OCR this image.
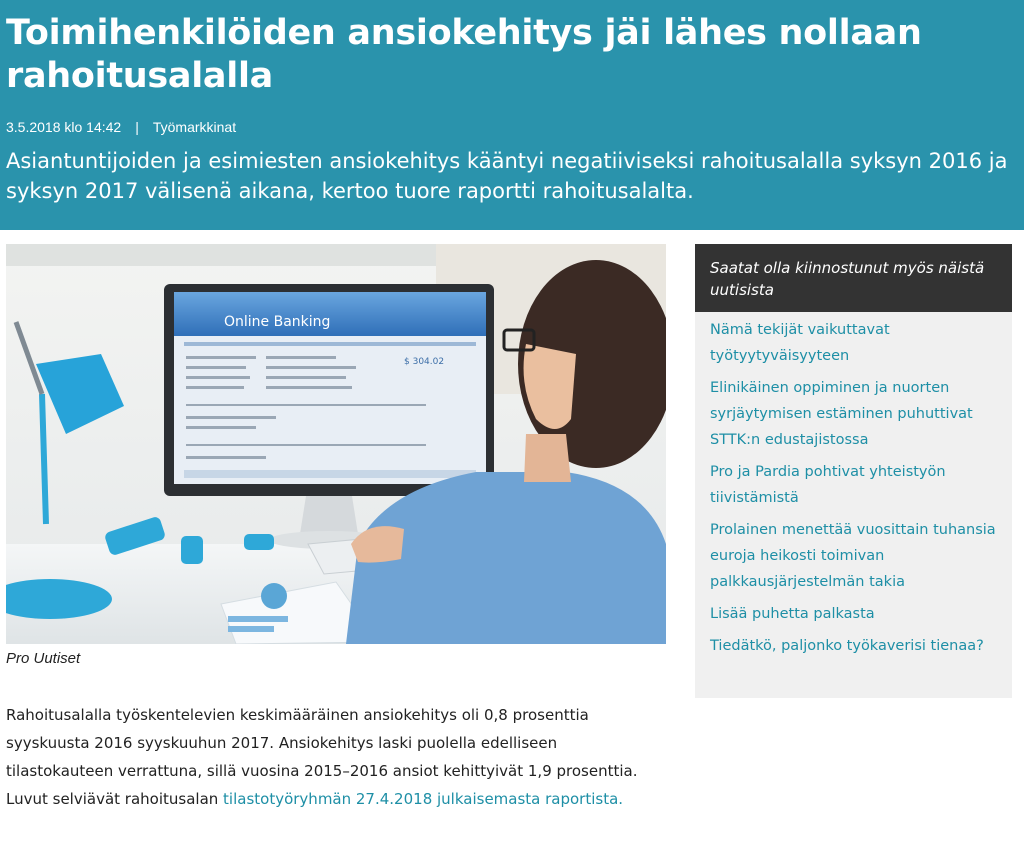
Toimihenkilöiden ansiokehitys jäi lähes nollaan rahoitusalalla
3.5.2018 klo 14:42 | Työmarkkinat

Asiantuntijoiden ja esimiesten ansiokehitys kääntyi negatiiviseksi rahoitusalalla syksyn 2016 ja syksyn 2017 välisenä aikana, kertoo tuore raportti rahoitusalalta.

Online Banking
$ 304.02
Pro Uutiset

Rahoitusalalla työskentelevien keskimääräinen ansiokehitys oli 0,8 prosenttia syyskuusta 2016 syyskuuhun 2017. Ansiokehitys laski puolella edelliseen tilastokauteen verrattuna, sillä vuosina 2015–2016 ansiot kehittyivät 1,9 prosenttia. Luvut selviävät rahoitusalan tilastotyöryhmän 27.4.2018 julkaisemasta raportista.

Saatat olla kiinnostunut myös näistä uutisista
Nämä tekijät vaikuttavat työtyytyväisyyteen
Elinikäinen oppiminen ja nuorten syrjäytymisen estäminen puhuttivat STTK:n edustajistossa
Pro ja Pardia pohtivat yhteistyön tiivistämistä
Prolainen menettää vuosittain tuhansia euroja heikosti toimivan palkkausjärjestelmän takia
Lisää puhetta palkasta
Tiedätkö, paljonko työkaverisi tienaa?
